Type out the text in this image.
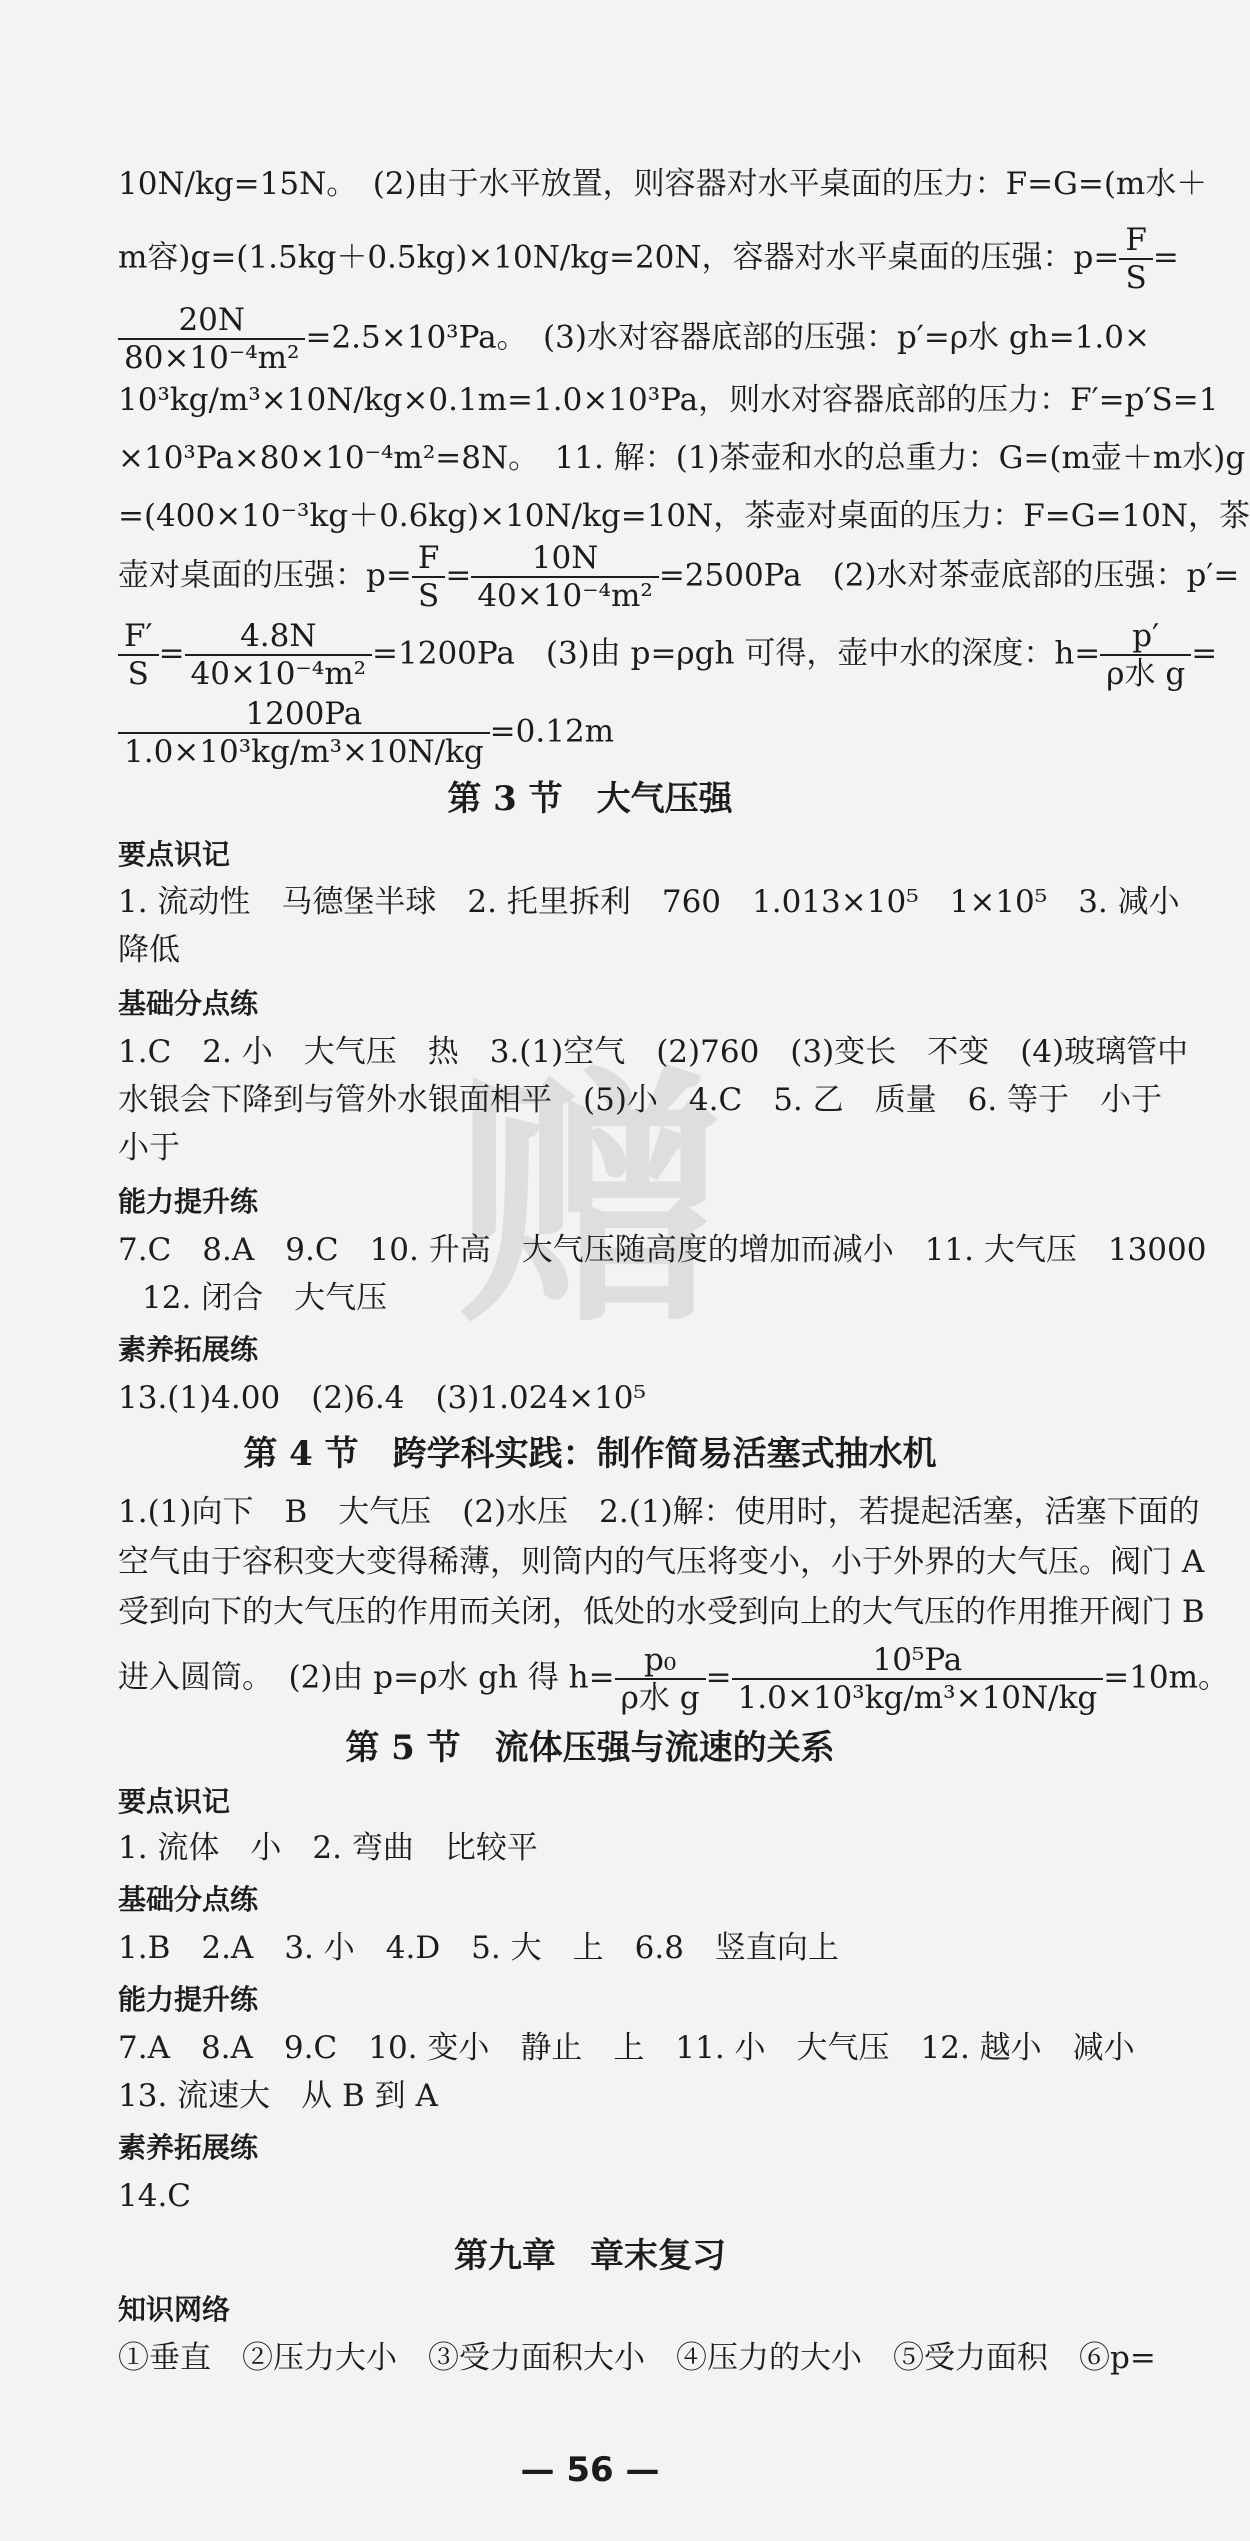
赠
10N/kg=15N。　(2)由于水平放置，则容器对水平桌面的压力：F=G=(m水＋
m容)g=(1.5kg＋0.5kg)×10N/kg=20N，容器对水平桌面的压强：$p= \frac{F}{S}$ =
$\frac{20N}{\text{80×10⁻⁴m²}} =2.5\times 10^3Pa$。　(3)水对容器底部的压强：p′=ρ水 gh=1.0×
10³kg/m³×10N/kg×0.1m=1.0×10³Pa，则水对容器底部的压力：F′=p′S=1
×10³Pa×80×10⁻⁴m²=8N。　11. 解：(1)茶壶和水的总重力：G=(m壶＋m水)g
=(400×10⁻³kg＋0.6kg)×10N/kg=10N，茶壶对桌面的压力：F=G=10N，茶
壶对桌面的压强：$p= \frac{F}{S} = \frac{10N}{\text{40×10⁻⁴m²}} =2500Pa$　(2)水对茶壶底部的压强：p′=
$\frac{F'}{S} = \frac{4.8N}{\text{40×10⁻⁴m²}} =1200Pa$　(3)由 p=ρgh 可得，壶中水的深度：$h= \frac{p'}{\text{ρ水 g}}$ =
$\frac{1200Pa}{\text{1.0×10³kg/m³×10N/kg}} =0.12m$
第 3 节　大气压强
要点识记
1. 流动性　马德堡半球　2. 托里拆利　760　1.013×10⁵　1×10⁵　3. 减小
降低
基础分点练
1.C　2. 小　大气压　热　3.(1)空气　(2)760　(3)变长　不变　(4)玻璃管中
水银会下降到与管外水银面相平　(5)小　4.C　5. 乙　质量　6. 等于　小于
小于
能力提升练
7.C　8.A　9.C　10. 升高　大气压随高度的增加而减小　11. 大气压　13000
12. 闭合　大气压
素养拓展练
13.(1)4.00　(2)6.4　(3)1.024×10⁵
第 4 节　跨学科实践：制作简易活塞式抽水机
1.(1)向下　B　大气压　(2)水压　2.(1)解：使用时，若提起活塞，活塞下面的
空气由于容积变大变得稀薄，则筒内的气压将变小，小于外界的大气压。阀门 A
受到向下的大气压的作用而关闭，低处的水受到向上的大气压的作用推开阀门 B
进入圆筒。　(2)由 p=ρ水 gh 得 $h= \frac{\text{p₀}}{\text{ρ水 g}} = \frac{\text{10⁵Pa}}{\text{1.0×10³kg/m³×10N/kg}} =10m$。
第 5 节　流体压强与流速的关系
要点识记
1. 流体　小　2. 弯曲　比较平
基础分点练
1.B　2.A　3. 小　4.D　5. 大　上　6.8　竖直向上
能力提升练
7.A　8.A　9.C　10. 变小　静止　上　11. 小　大气压　12. 越小　减小
13. 流速大　从 B 到 A
素养拓展练
14.C
第九章　章末复习
知识网络
①垂直　②压力大小　③受力面积大小　④压力的大小　⑤受力面积　⑥p=
— 56 —
